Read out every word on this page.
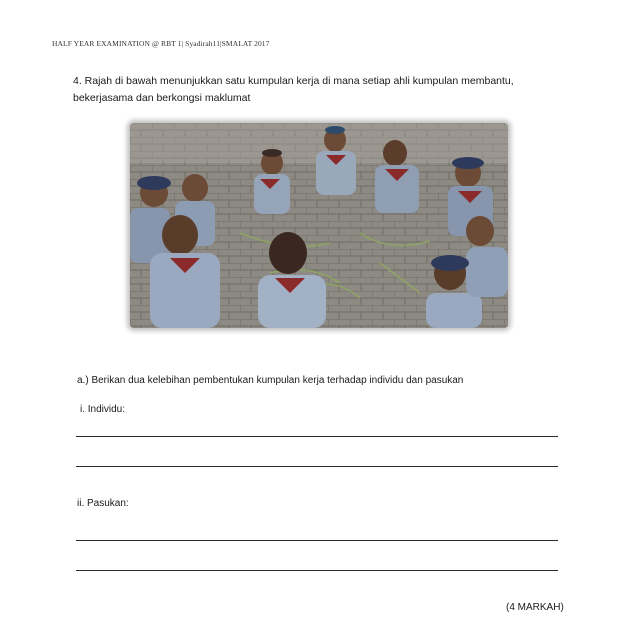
HALF YEAR EXAMINATION @ RBT 1| Syadirah11|SMALAT 2017
4. Rajah di bawah menunjukkan satu kumpulan kerja di mana setiap ahli kumpulan membantu,
bekerjasama dan berkongsi maklumat
a.) Berikan dua kelebihan pembentukan kumpulan kerja terhadap individu dan pasukan
i. Individu:
ii. Pasukan:
(4 MARKAH)
